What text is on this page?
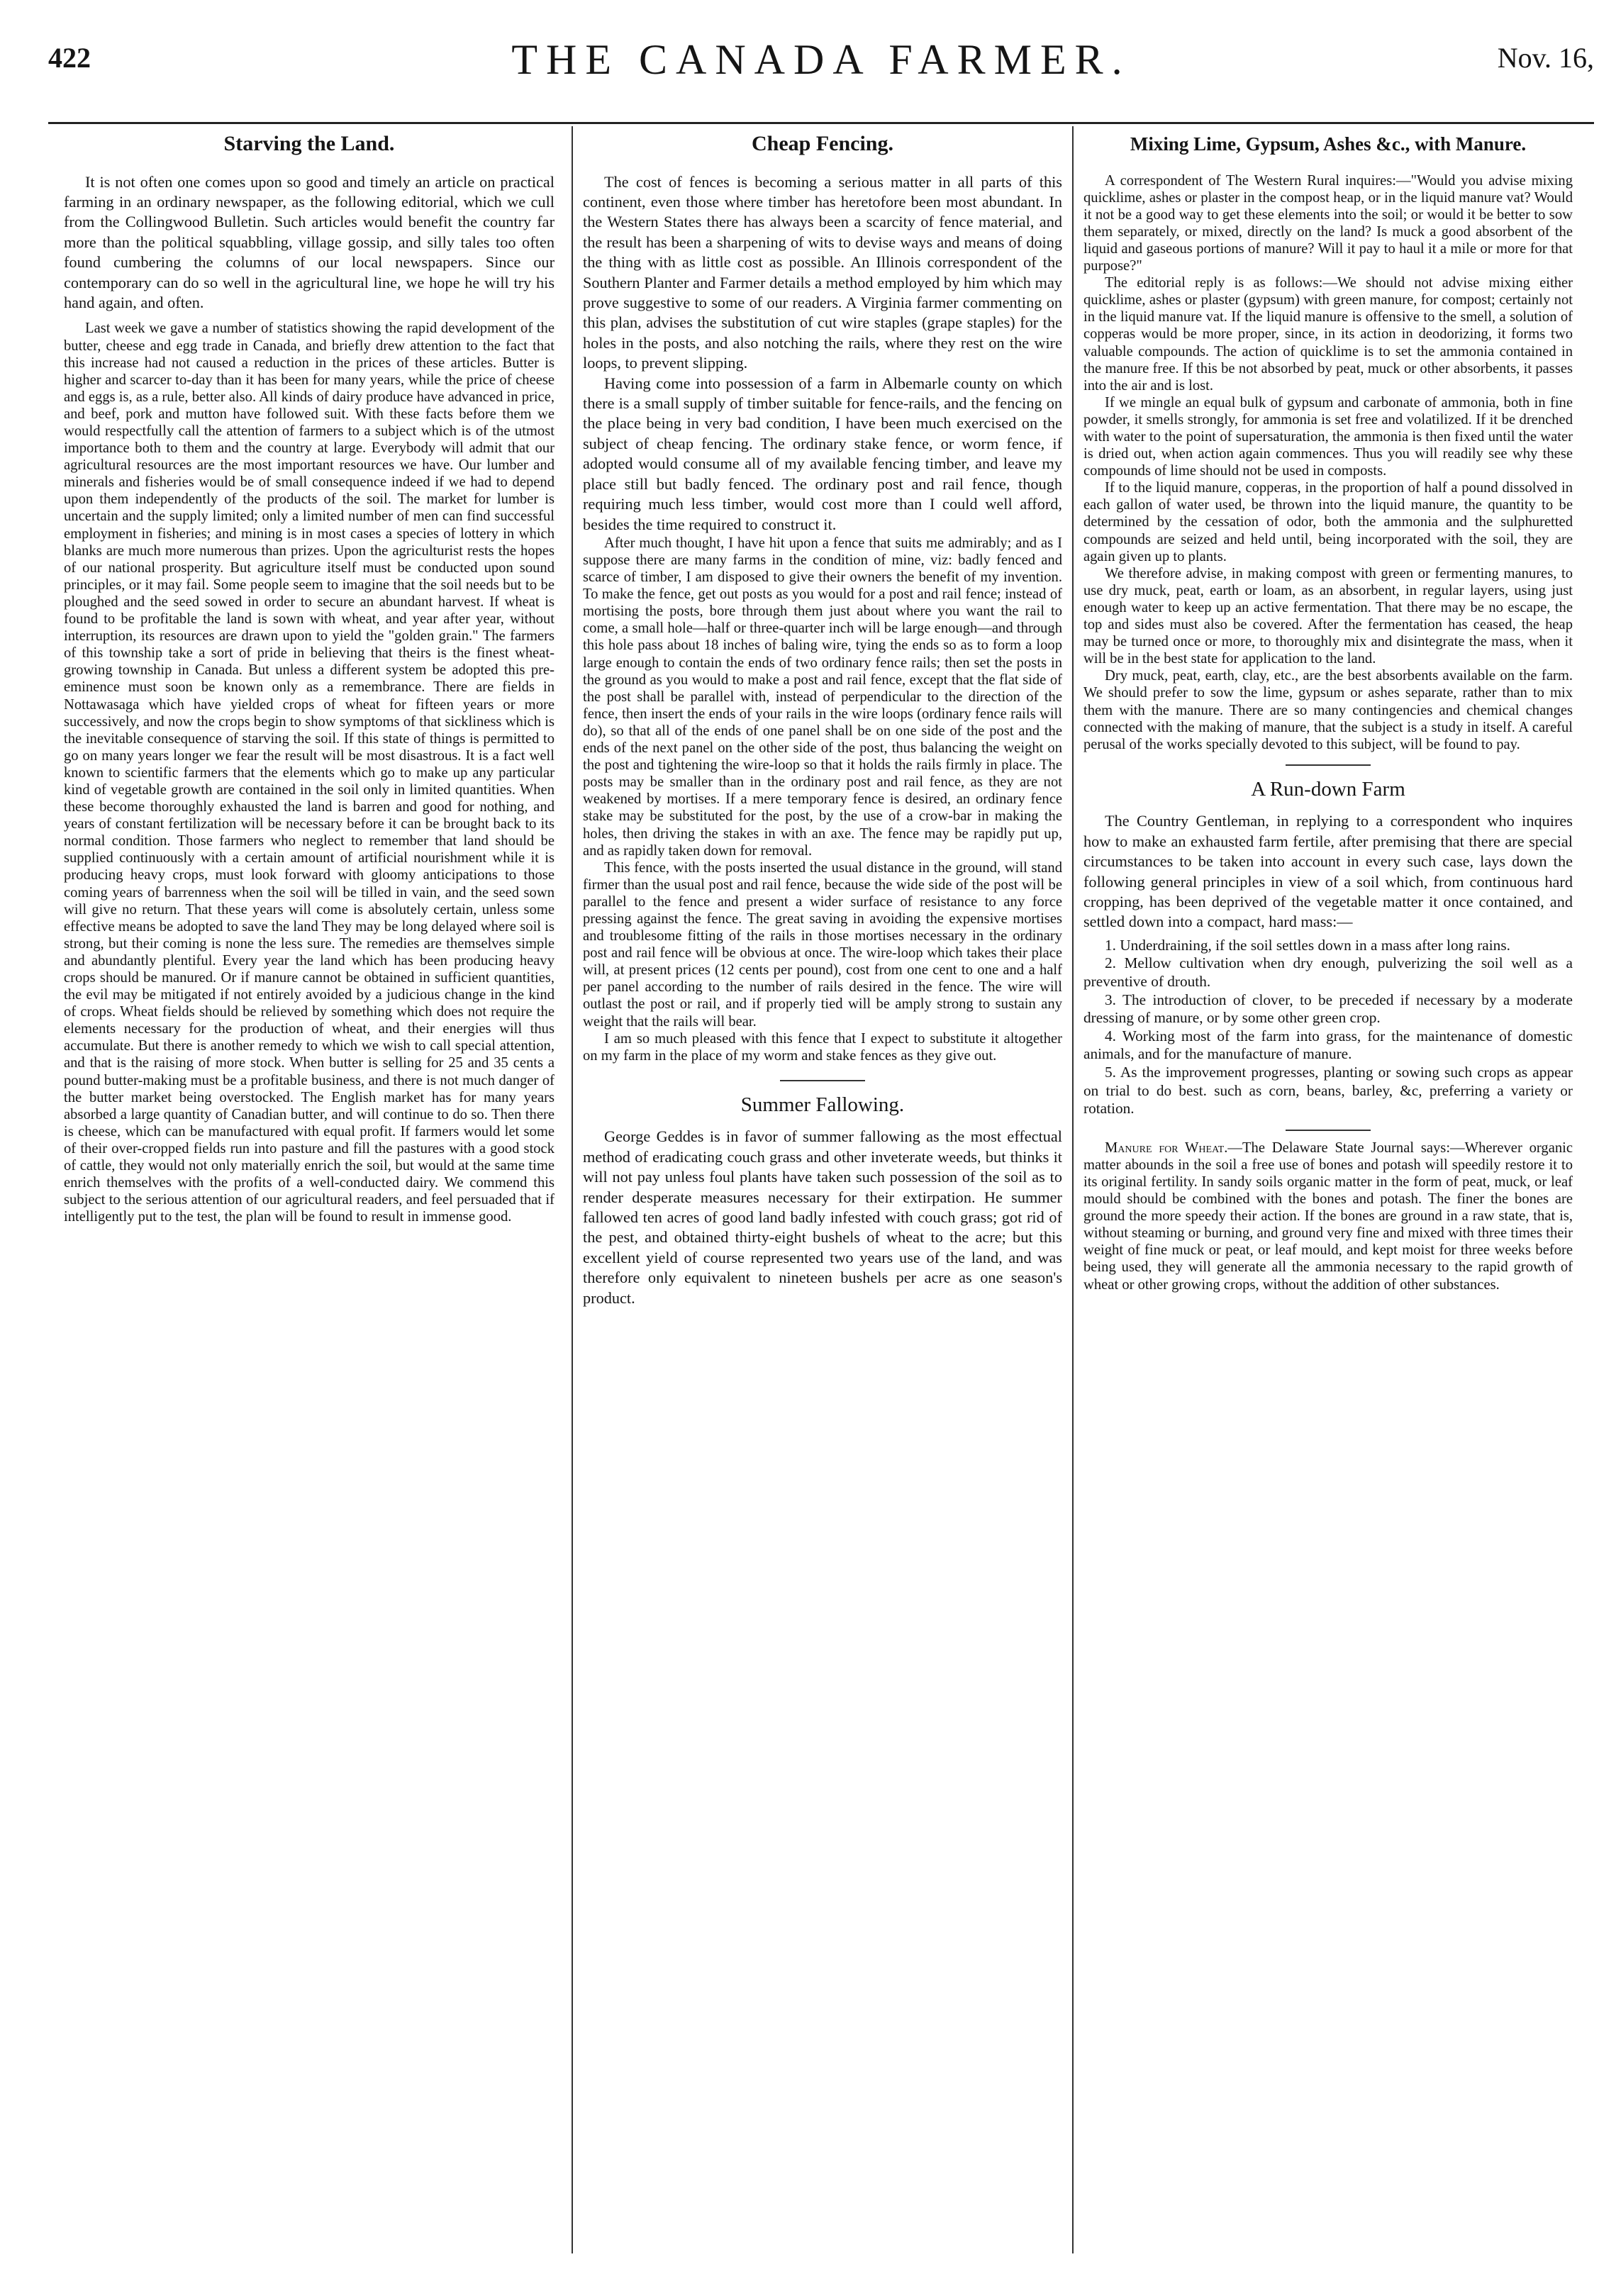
422	THE CANADA FARMER.	Nov. 16,
Starving the Land.

It is not often one comes upon so good and timely an article on practical farming in an ordinary newspaper, as the following editorial, which we cull from the Collingwood Bulletin. Such articles would benefit the country far more than the political squabbling, village gossip, and silly tales too often found cumbering the columns of our local newspapers. Since our contemporary can do so well in the agricultural line, we hope he will try his hand again, and often.

Last week we gave a number of statistics showing the rapid development of the butter, cheese and egg trade in Canada, and briefly drew attention to the fact that this increase had not caused a reduction in the prices of these articles. Butter is higher and scarcer to-day than it has been for many years, while the price of cheese and eggs is, as a rule, better also. All kinds of dairy produce have advanced in price, and beef, pork and mutton have followed suit. With these facts before them we would respectfully call the attention of farmers to a subject which is of the utmost importance both to them and the country at large. Everybody will admit that our agricultural resources are the most important resources we have. Our lumber and minerals and fisheries would be of small consequence indeed if we had to depend upon them independently of the products of the soil. The market for lumber is uncertain and the supply limited; only a limited number of men can find successful employment in fisheries; and mining is in most cases a species of lottery in which blanks are much more numerous than prizes. Upon the agriculturist rests the hopes of our national prosperity. But agriculture itself must be conducted upon sound principles, or it may fail. Some people seem to imagine that the soil needs but to be ploughed and the seed sowed in order to secure an abundant harvest. If wheat is found to be profitable the land is sown with wheat, and year after year, without interruption, its resources are drawn upon to yield the "golden grain." The farmers of this township take a sort of pride in believing that theirs is the finest wheat-growing township in Canada. But unless a different system be adopted this pre-eminence must soon be known only as a remembrance. There are fields in Nottawasaga which have yielded crops of wheat for fifteen years or more successively, and now the crops begin to show symptoms of that sickliness which is the inevitable consequence of starving the soil. If this state of things is permitted to go on many years longer we fear the result will be most disastrous. It is a fact well known to scientific farmers that the elements which go to make up any particular kind of vegetable growth are contained in the soil only in limited quantities. When these become thoroughly exhausted the land is barren and good for nothing, and years of constant fertilization will be necessary before it can be brought back to its normal condition. Those farmers who neglect to remember that land should be supplied continuously with a certain amount of artificial nourishment while it is producing heavy crops, must look forward with gloomy anticipations to those coming years of barrenness when the soil will be tilled in vain, and the seed sown will give no return. That these years will come is absolutely certain, unless some effective means be adopted to save the land They may be long delayed where soil is strong, but their coming is none the less sure. The remedies are themselves simple and abundantly plentiful. Every year the land which has been producing heavy crops should be manured. Or if manure cannot be obtained in sufficient quantities, the evil may be mitigated if not entirely avoided by a judicious change in the kind of crops. Wheat fields should be relieved by something which does not require the elements necessary for the production of wheat, and their energies will thus accumulate. But there is another remedy to which we wish to call special attention, and that is the raising of more stock. When butter is selling for 25 and 35 cents a pound butter-making must be a profitable business, and there is not much danger of the butter market being overstocked. The English market has for many years absorbed a large quantity of Canadian butter, and will continue to do so. Then there is cheese, which can be manufactured with equal profit. If farmers would let some of their over-cropped fields run into pasture and fill the pastures with a good stock of cattle, they would not only materially enrich the soil, but would at the same time enrich themselves with the profits of a well-conducted dairy. We commend this subject to the serious attention of our agricultural readers, and feel persuaded that if intelligently put to the test, the plan will be found to result in immense good.

Cheap Fencing.

The cost of fences is becoming a serious matter in all parts of this continent, even those where timber has heretofore been most abundant. In the Western States there has always been a scarcity of fence material, and the result has been a sharpening of wits to devise ways and means of doing the thing with as little cost as possible. An Illinois correspondent of the Southern Planter and Farmer details a method employed by him which may prove suggestive to some of our readers. A Virginia farmer commenting on this plan, advises the substitution of cut wire staples (grape staples) for the holes in the posts, and also notching the rails, where they rest on the wire loops, to prevent slipping.

Having come into possession of a farm in Albemarle county on which there is a small supply of timber suitable for fence-rails, and the fencing on the place being in very bad condition, I have been much exercised on the subject of cheap fencing. The ordinary stake fence, or worm fence, if adopted would consume all of my available fencing timber, and leave my place still but badly fenced. The ordinary post and rail fence, though requiring much less timber, would cost more than I could well afford, besides the time required to construct it.

After much thought, I have hit upon a fence that suits me admirably; and as I suppose there are many farms in the condition of mine, viz: badly fenced and scarce of timber, I am disposed to give their owners the benefit of my invention. To make the fence, get out posts as you would for a post and rail fence; instead of mortising the posts, bore through them just about where you want the rail to come, a small hole—half or three-quarter inch will be large enough—and through this hole pass about 18 inches of baling wire, tying the ends so as to form a loop large enough to contain the ends of two ordinary fence rails; then set the posts in the ground as you would to make a post and rail fence, except that the flat side of the post shall be parallel with, instead of perpendicular to the direction of the fence, then insert the ends of your rails in the wire loops (ordinary fence rails will do), so that all of the ends of one panel shall be on one side of the post and the ends of the next panel on the other side of the post, thus balancing the weight on the post and tightening the wire-loop so that it holds the rails firmly in place. The posts may be smaller than in the ordinary post and rail fence, as they are not weakened by mortises. If a mere temporary fence is desired, an ordinary fence stake may be substituted for the post, by the use of a crow-bar in making the holes, then driving the stakes in with an axe. The fence may be rapidly put up, and as rapidly taken down for removal.

This fence, with the posts inserted the usual distance in the ground, will stand firmer than the usual post and rail fence, because the wide side of the post will be parallel to the fence and present a wider surface of resistance to any force pressing against the fence. The great saving in avoiding the expensive mortises and troublesome fitting of the rails in those mortises necessary in the ordinary post and rail fence will be obvious at once. The wire-loop which takes their place will, at present prices (12 cents per pound), cost from one cent to one and a half per panel according to the number of rails desired in the fence. The wire will outlast the post or rail, and if properly tied will be amply strong to sustain any weight that the rails will bear.

I am so much pleased with this fence that I expect to substitute it altogether on my farm in the place of my worm and stake fences as they give out.

Summer Fallowing.

George Geddes is in favor of summer fallowing as the most effectual method of eradicating couch grass and other inveterate weeds, but thinks it will not pay unless foul plants have taken such possession of the soil as to render desperate measures necessary for their extirpation. He summer fallowed ten acres of good land badly infested with couch grass; got rid of the pest, and obtained thirty-eight bushels of wheat to the acre; but this excellent yield of course represented two years use of the land, and was therefore only equivalent to nineteen bushels per acre as one season's product.

Mixing Lime, Gypsum, Ashes &c., with Manure.

A correspondent of The Western Rural inquires:—"Would you advise mixing quicklime, ashes or plaster in the compost heap, or in the liquid manure vat? Would it not be a good way to get these elements into the soil; or would it be better to sow them separately, or mixed, directly on the land? Is muck a good absorbent of the liquid and gaseous portions of manure? Will it pay to haul it a mile or more for that purpose?"

The editorial reply is as follows:—We should not advise mixing either quicklime, ashes or plaster (gypsum) with green manure, for compost; certainly not in the liquid manure vat. If the liquid manure is offensive to the smell, a solution of copperas would be more proper, since, in its action in deodorizing, it forms two valuable compounds. The action of quicklime is to set the ammonia contained in the manure free. If this be not absorbed by peat, muck or other absorbents, it passes into the air and is lost.

If we mingle an equal bulk of gypsum and carbonate of ammonia, both in fine powder, it smells strongly, for ammonia is set free and volatilized. If it be drenched with water to the point of supersaturation, the ammonia is then fixed until the water is dried out, when action again commences. Thus you will readily see why these compounds of lime should not be used in composts.

If to the liquid manure, copperas, in the proportion of half a pound dissolved in each gallon of water used, be thrown into the liquid manure, the quantity to be determined by the cessation of odor, both the ammonia and the sulphuretted compounds are seized and held until, being incorporated with the soil, they are again given up to plants.

We therefore advise, in making compost with green or fermenting manures, to use dry muck, peat, earth or loam, as an absorbent, in regular layers, using just enough water to keep up an active fermentation. That there may be no escape, the top and sides must also be covered. After the fermentation has ceased, the heap may be turned once or more, to thoroughly mix and disintegrate the mass, when it will be in the best state for application to the land.

Dry muck, peat, earth, clay, etc., are the best absorbents available on the farm. We should prefer to sow the lime, gypsum or ashes separate, rather than to mix them with the manure. There are so many contingencies and chemical changes connected with the making of manure, that the subject is a study in itself. A careful perusal of the works specially devoted to this subject, will be found to pay.

A Run-down Farm

The Country Gentleman, in replying to a correspondent who inquires how to make an exhausted farm fertile, after premising that there are special circumstances to be taken into account in every such case, lays down the following general principles in view of a soil which, from continuous hard cropping, has been deprived of the vegetable matter it once contained, and settled down into a compact, hard mass:—

1. Underdraining, if the soil settles down in a mass after long rains.
2. Mellow cultivation when dry enough, pulverizing the soil well as a preventive of drouth.
3. The introduction of clover, to be preceded if necessary by a moderate dressing of manure, or by some other green crop.
4. Working most of the farm into grass, for the maintenance of domestic animals, and for the manufacture of manure.
5. As the improvement progresses, planting or sowing such crops as appear on trial to do best. such as corn, beans, barley, &c, preferring a variety or rotation.

Manure for Wheat.—The Delaware State Journal says:—Wherever organic matter abounds in the soil a free use of bones and potash will speedily restore it to its original fertility. In sandy soils organic matter in the form of peat, muck, or leaf mould should be combined with the bones and potash. The finer the bones are ground the more speedy their action. If the bones are ground in a raw state, that is, without steaming or burning, and ground very fine and mixed with three times their weight of fine muck or peat, or leaf mould, and kept moist for three weeks before being used, they will generate all the ammonia necessary to the rapid growth of wheat or other growing crops, without the addition of other substances.
